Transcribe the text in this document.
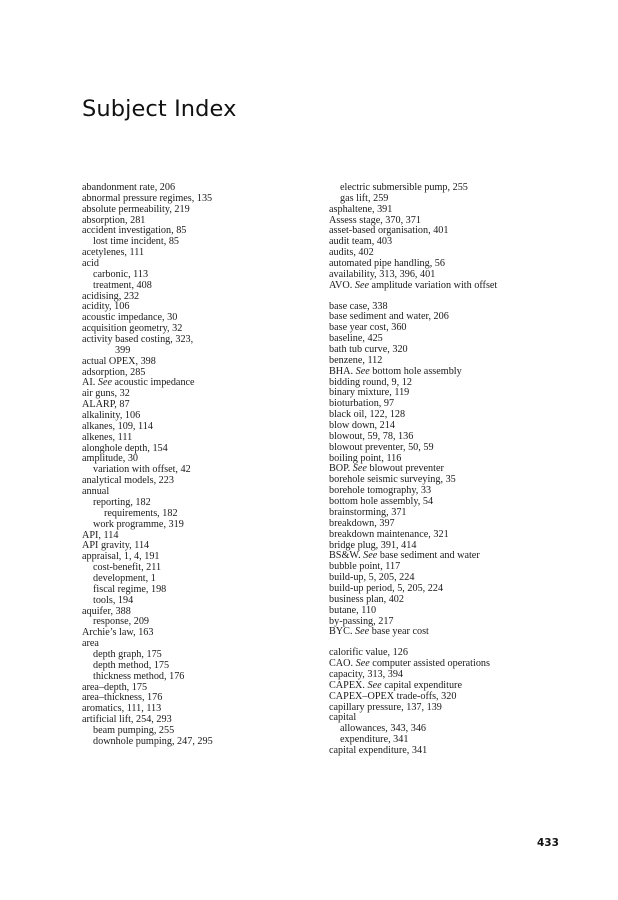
Subject Index
abandonment rate, 206
abnormal pressure regimes, 135
absolute permeability, 219
absorption, 281
accident investigation, 85
lost time incident, 85
acetylenes, 111
acid
carbonic, 113
treatment, 408
acidising, 232
acidity, 106
acoustic impedance, 30
acquisition geometry, 32
activity based costing, 323,
399
actual OPEX, 398
adsorption, 285
AI. See acoustic impedance
air guns, 32
ALARP, 87
alkalinity, 106
alkanes, 109, 114
alkenes, 111
alonghole depth, 154
amplitude, 30
variation with offset, 42
analytical models, 223
annual
reporting, 182
requirements, 182
work programme, 319
API, 114
API gravity, 114
appraisal, 1, 4, 191
cost-benefit, 211
development, 1
fiscal regime, 198
tools, 194
aquifer, 388
response, 209
Archie’s law, 163
area
depth graph, 175
depth method, 175
thickness method, 176
area–depth, 175
area–thickness, 176
aromatics, 111, 113
artificial lift, 254, 293
beam pumping, 255
downhole pumping, 247, 295
electric submersible pump, 255
gas lift, 259
asphaltene, 391
Assess stage, 370, 371
asset-based organisation, 401
audit team, 403
audits, 402
automated pipe handling, 56
availability, 313, 396, 401
AVO. See amplitude variation with offset
base case, 338
base sediment and water, 206
base year cost, 360
baseline, 425
bath tub curve, 320
benzene, 112
BHA. See bottom hole assembly
bidding round, 9, 12
binary mixture, 119
bioturbation, 97
black oil, 122, 128
blow down, 214
blowout, 59, 78, 136
blowout preventer, 50, 59
boiling point, 116
BOP. See blowout preventer
borehole seismic surveying, 35
borehole tomography, 33
bottom hole assembly, 54
brainstorming, 371
breakdown, 397
breakdown maintenance, 321
bridge plug, 391, 414
BS&W. See base sediment and water
bubble point, 117
build-up, 5, 205, 224
build-up period, 5, 205, 224
business plan, 402
butane, 110
by-passing, 217
BYC. See base year cost
calorific value, 126
CAO. See computer assisted operations
capacity, 313, 394
CAPEX. See capital expenditure
CAPEX–OPEX trade-offs, 320
capillary pressure, 137, 139
capital
allowances, 343, 346
expenditure, 341
capital expenditure, 341
433
